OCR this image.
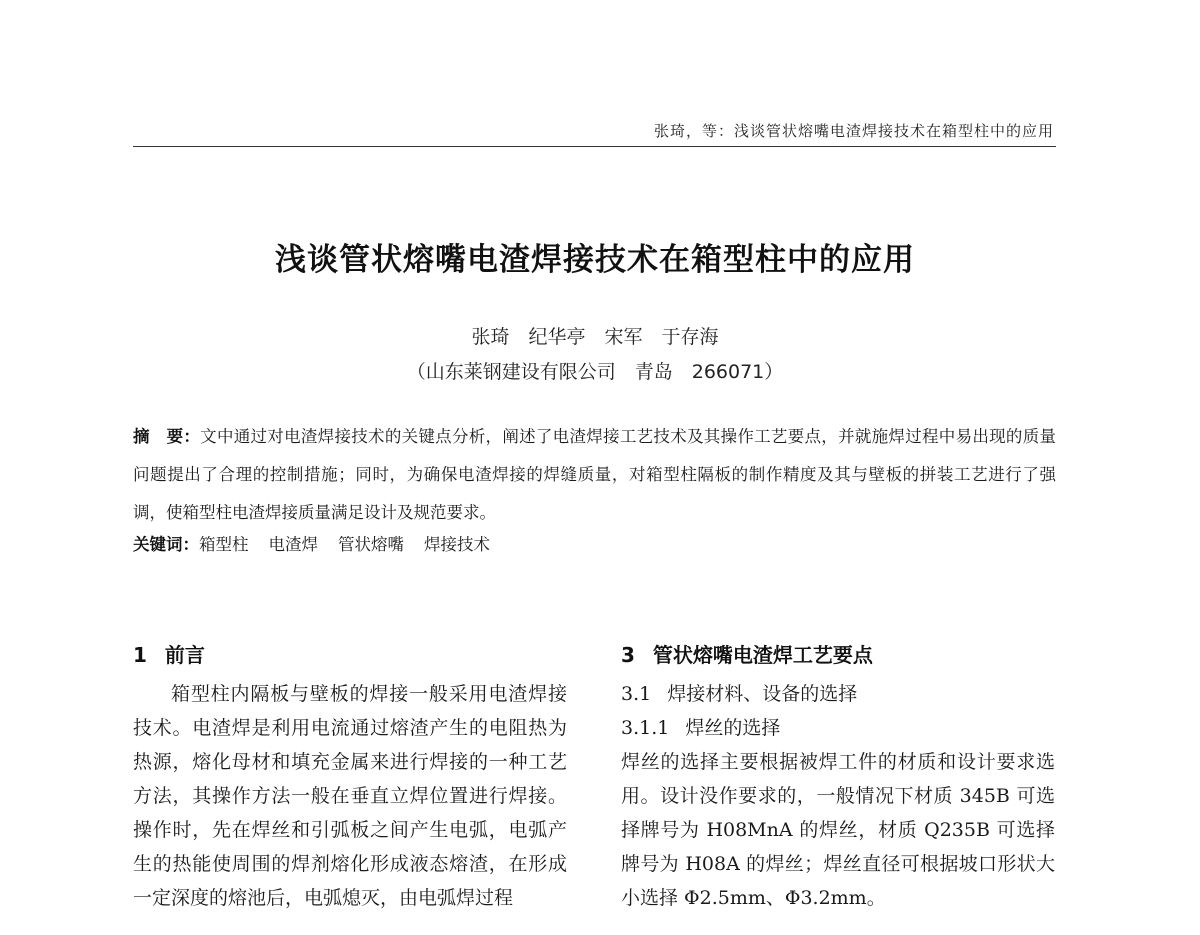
张琦，等：浅谈管状熔嘴电渣焊接技术在箱型柱中的应用
浅谈管状熔嘴电渣焊接技术在箱型柱中的应用
张琦　纪华亭　宋军　于存海
（山东莱钢建设有限公司　青岛　266071）
摘　要：文中通过对电渣焊接技术的关键点分析，阐述了电渣焊接工艺技术及其操作工艺要点，并就施焊过程中易出现的质量问题提出了合理的控制措施；同时，为确保电渣焊接的焊缝质量，对箱型柱隔板的制作精度及其与壁板的拼装工艺进行了强调，使箱型柱电渣焊接质量满足设计及规范要求。
关键词：箱型柱 电渣焊 管状熔嘴 焊接技术
1 前言
箱型柱内隔板与壁板的焊接一般采用电渣焊接技术。电渣焊是利用电流通过熔渣产生的电阻热为热源，熔化母材和填充金属来进行焊接的一种工艺方法，其操作方法一般在垂直立焊位置进行焊接。操作时，先在焊丝和引弧板之间产生电弧，电弧产生的热能使周围的焊剂熔化形成液态熔渣，在形成一定深度的熔池后，电弧熄灭，由电弧焊过程
3 管状熔嘴电渣焊工艺要点
3.1 焊接材料、设备的选择
3.1.1 焊丝的选择
焊丝的选择主要根据被焊工件的材质和设计要求选用。设计没作要求的，一般情况下材质 345B 可选择牌号为 H08MnA 的焊丝，材质 Q235B 可选择牌号为 H08A 的焊丝；焊丝直径可根据坡口形状大小选择 Φ2.5mm、Φ3.2mm。
